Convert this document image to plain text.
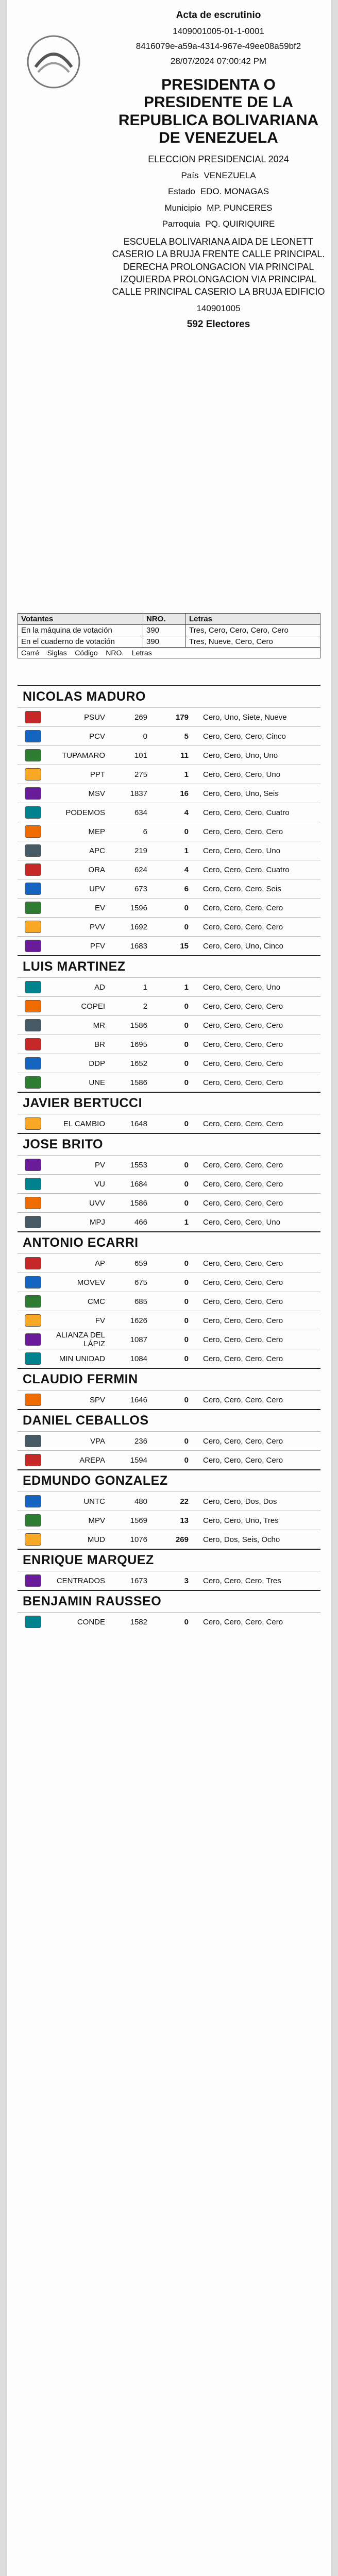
Acta de escrutinio
1409001005-01-1-0001
8416079e-a59a-4314-967e-49ee08a59bf2
28/07/2024 07:00:42 PM
PRESIDENTA O PRESIDENTE DE LA REPUBLICA BOLIVARIANA DE VENEZUELA
ELECCION PRESIDENCIAL 2024
País VENEZUELA
Estado EDO. MONAGAS
Municipio MP. PUNCERES
Parroquia PQ. QUIRIQUIRE
ESCUELA BOLIVARIANA AIDA DE LEONETT
CASERIO LA BRUJA FRENTE CALLE PRINCIPAL. DERECHA PROLONGACION VIA PRINCIPAL IZQUIERDA PROLONGACION VIA PRINCIPAL CALLE PRINCIPAL CASERIO LA BRUJA EDIFICIO
140901005
592 Electores
Votantes	NRO.	Letras
En la máquina de votación	390	Tres, Cero, Cero, Cero, Cero
En el cuaderno de votación	390	Tres, Nueve, Cero, Cero
Carré Siglas Código NRO. Letras		
NICOLAS MADURO
PSUV	269	179	Cero, Uno, Siete, Nueve
PCV	0	5	Cero, Cero, Cero, Cinco
TUPAMARO	101	11	Cero, Cero, Uno, Uno
PPT	275	1	Cero, Cero, Cero, Uno
MSV	1837	16	Cero, Cero, Uno, Seis
PODEMOS	634	4	Cero, Cero, Cero, Cuatro
MEP	6	0	Cero, Cero, Cero, Cero
APC	219	1	Cero, Cero, Cero, Uno
ORA	624	4	Cero, Cero, Cero, Cuatro
UPV	673	6	Cero, Cero, Cero, Seis
EV	1596	0	Cero, Cero, Cero, Cero
PVV	1692	0	Cero, Cero, Cero, Cero
PFV	1683	15	Cero, Cero, Uno, Cinco
LUIS MARTINEZ
AD	1	1	Cero, Cero, Cero, Uno
COPEI	2	0	Cero, Cero, Cero, Cero
MR	1586	0	Cero, Cero, Cero, Cero
BR	1695	0	Cero, Cero, Cero, Cero
DDP	1652	0	Cero, Cero, Cero, Cero
UNE	1586	0	Cero, Cero, Cero, Cero
JAVIER BERTUCCI
EL CAMBIO	1648	0	Cero, Cero, Cero, Cero
JOSE BRITO
PV	1553	0	Cero, Cero, Cero, Cero
VU	1684	0	Cero, Cero, Cero, Cero
UVV	1586	0	Cero, Cero, Cero, Cero
MPJ	466	1	Cero, Cero, Cero, Uno
ANTONIO ECARRI
AP	659	0	Cero, Cero, Cero, Cero
MOVEV	675	0	Cero, Cero, Cero, Cero
CMC	685	0	Cero, Cero, Cero, Cero
FV	1626	0	Cero, Cero, Cero, Cero
ALIANZA DEL LÁPIZ	1087	0	Cero, Cero, Cero, Cero
MIN UNIDAD	1084	0	Cero, Cero, Cero, Cero
CLAUDIO FERMIN
SPV	1646	0	Cero, Cero, Cero, Cero
DANIEL CEBALLOS
VPA	236	0	Cero, Cero, Cero, Cero
AREPA	1594	0	Cero, Cero, Cero, Cero
EDMUNDO GONZALEZ
UNTC	480	22	Cero, Cero, Dos, Dos
MPV	1569	13	Cero, Cero, Uno, Tres
MUD	1076	269	Cero, Dos, Seis, Ocho
ENRIQUE MARQUEZ
CENTRADOS	1673	3	Cero, Cero, Cero, Tres
BENJAMIN RAUSSEO
CONDE	1582	0	Cero, Cero, Cero, Cero
